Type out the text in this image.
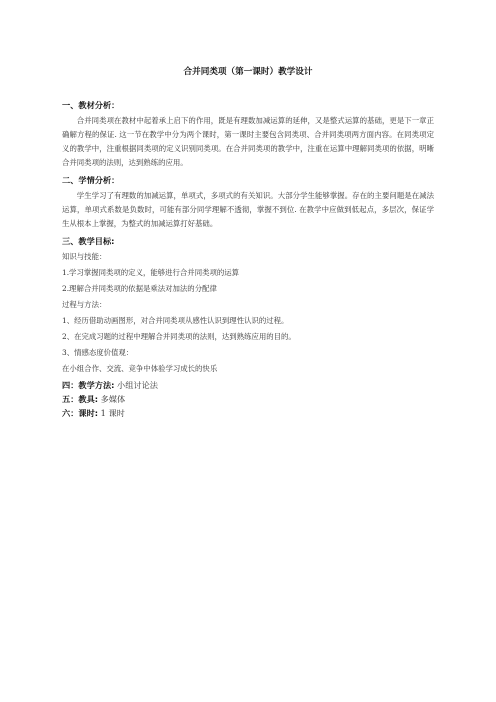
合并同类项（第一课时）教学设计
一、教材分析：
合并同类项在教材中起着承上启下的作用，既是有理数加减运算的延伸，又是整式运算的基础，更是下一章正确解方程的保证. 这一节在教学中分为两个课时，第一课时主要包含同类项、合并同类项两方面内容。在同类项定义的教学中，注重根据同类项的定义识别同类项。在合并同类项的教学中，注重在运算中理解同类项的依据，明晰合并同类项的法则，达到熟练的应用。
二、学情分析：
学生学习了有理数的加减运算，单项式，多项式的有关知识。大部分学生能够掌握。存在的主要问题是在减法运算，单项式系数是负数时，可能有部分同学理解不透彻，掌握不到位. 在教学中应做到低起点，多层次，保证学生从根本上掌握，为整式的加减运算打好基础。
三、教学目标:
知识与技能：
1.学习掌握同类项的定义，能够进行合并同类项的运算
2.理解合并同类项的依据是乘法对加法的分配律
过程与方法：
1、经历借助动画图形，对合并同类项从感性认识到理性认识的过程。
2、在完成习题的过程中理解合并同类项的法则，达到熟练应用的目的。
3、情感态度价值观：
在小组合作、交流、竞争中体验学习成长的快乐
四：教学方法: 小组讨论法
五：教具: 多媒体
六：课时: 1 课时
